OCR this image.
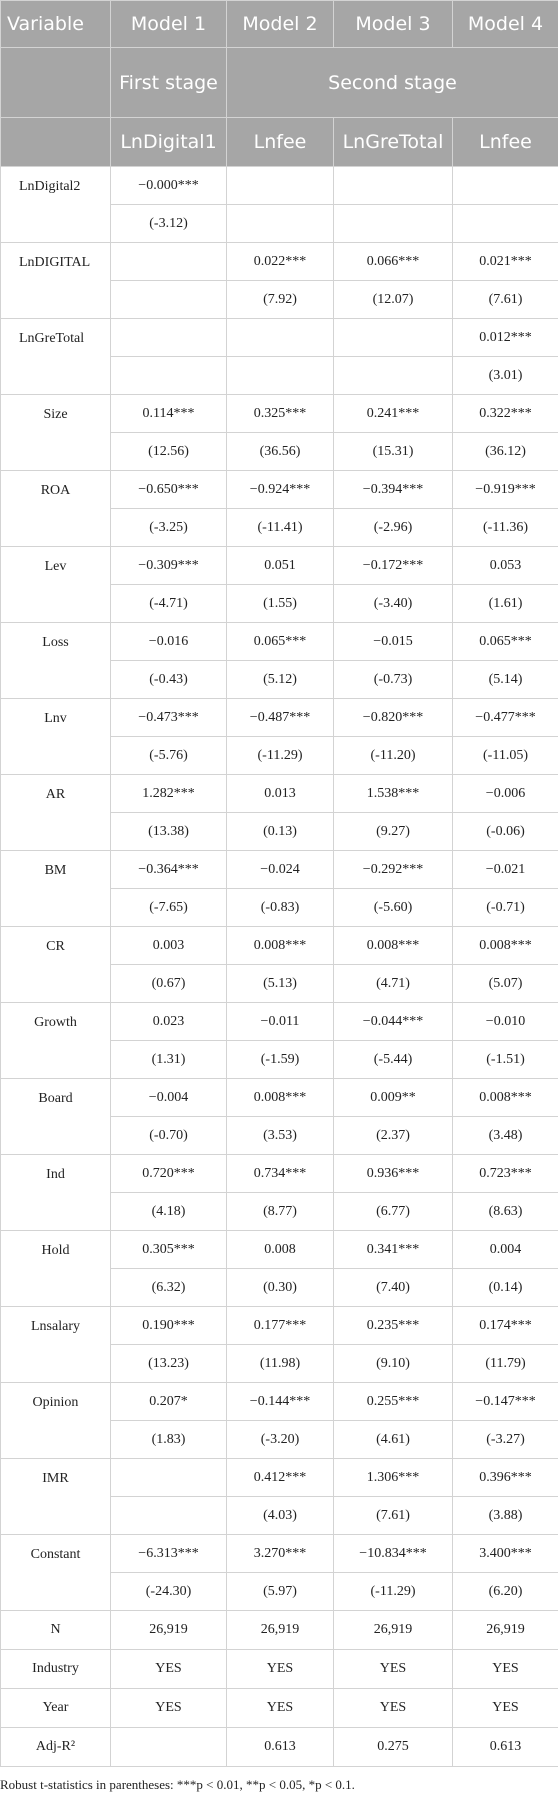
Variable	Model 1	Model 2	Model 3	Model 4
	First stage	Second stage		
	LnDigital1	Lnfee	LnGreTotal	Lnfee
LnDigital2	−0.000***			
	(-3.12)			
LnDIGITAL		0.022***	0.066***	0.021***
		(7.92)	(12.07)	(7.61)
LnGreTotal				0.012***
				(3.01)
Size	0.114***	0.325***	0.241***	0.322***
	(12.56)	(36.56)	(15.31)	(36.12)
ROA	−0.650***	−0.924***	−0.394***	−0.919***
	(-3.25)	(-11.41)	(-2.96)	(-11.36)
Lev	−0.309***	0.051	−0.172***	0.053
	(-4.71)	(1.55)	(-3.40)	(1.61)
Loss	−0.016	0.065***	−0.015	0.065***
	(-0.43)	(5.12)	(-0.73)	(5.14)
Lnv	−0.473***	−0.487***	−0.820***	−0.477***
	(-5.76)	(-11.29)	(-11.20)	(-11.05)
AR	1.282***	0.013	1.538***	−0.006
	(13.38)	(0.13)	(9.27)	(-0.06)
BM	−0.364***	−0.024	−0.292***	−0.021
	(-7.65)	(-0.83)	(-5.60)	(-0.71)
CR	0.003	0.008***	0.008***	0.008***
	(0.67)	(5.13)	(4.71)	(5.07)
Growth	0.023	−0.011	−0.044***	−0.010
	(1.31)	(-1.59)	(-5.44)	(-1.51)
Board	−0.004	0.008***	0.009**	0.008***
	(-0.70)	(3.53)	(2.37)	(3.48)
Ind	0.720***	0.734***	0.936***	0.723***
	(4.18)	(8.77)	(6.77)	(8.63)
Hold	0.305***	0.008	0.341***	0.004
	(6.32)	(0.30)	(7.40)	(0.14)
Lnsalary	0.190***	0.177***	0.235***	0.174***
	(13.23)	(11.98)	(9.10)	(11.79)
Opinion	0.207*	−0.144***	0.255***	−0.147***
	(1.83)	(-3.20)	(4.61)	(-3.27)
IMR		0.412***	1.306***	0.396***
		(4.03)	(7.61)	(3.88)
Constant	−6.313***	3.270***	−10.834***	3.400***
	(-24.30)	(5.97)	(-11.29)	(6.20)
N	26,919	26,919	26,919	26,919
Industry	YES	YES	YES	YES
Year	YES	YES	YES	YES
Adj-R²		0.613	0.275	0.613
Robust t-statistics in parentheses: ***p < 0.01, **p < 0.05, *p < 0.1.
